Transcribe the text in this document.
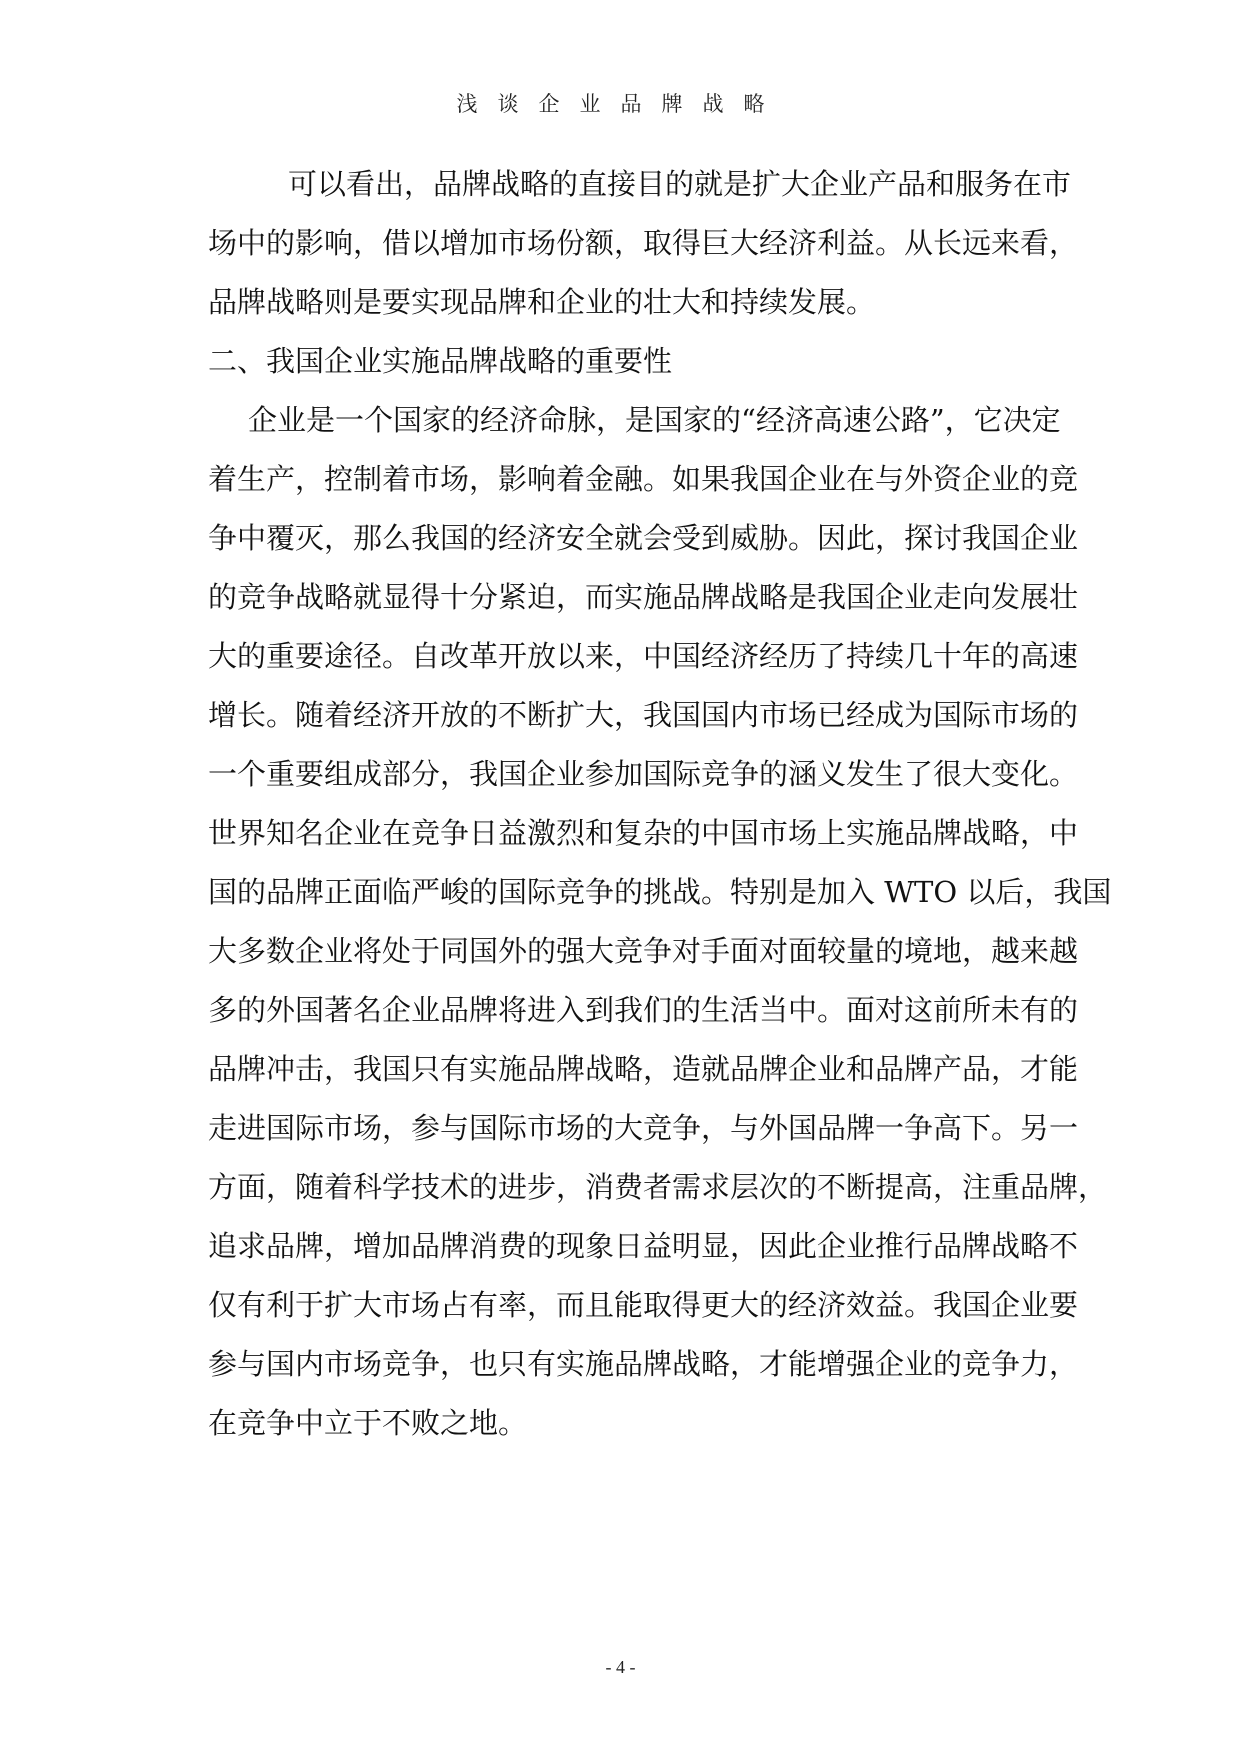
浅谈企业品牌战略
可以看出，品牌战略的直接目的就是扩大企业产品和服务在市
场中的影响，借以增加市场份额，取得巨大经济利益。从长远来看，
品牌战略则是要实现品牌和企业的壮大和持续发展。
二、我国企业实施品牌战略的重要性
企业是一个国家的经济命脉，是国家的“经济高速公路”，它决定
着生产，控制着市场，影响着金融。如果我国企业在与外资企业的竞
争中覆灭，那么我国的经济安全就会受到威胁。因此，探讨我国企业
的竞争战略就显得十分紧迫，而实施品牌战略是我国企业走向发展壮
大的重要途径。自改革开放以来，中国经济经历了持续几十年的高速
增长。随着经济开放的不断扩大，我国国内市场已经成为国际市场的
一个重要组成部分，我国企业参加国际竞争的涵义发生了很大变化。
世界知名企业在竞争日益激烈和复杂的中国市场上实施品牌战略，中
国的品牌正面临严峻的国际竞争的挑战。特别是加入 WTO 以后，我国
大多数企业将处于同国外的强大竞争对手面对面较量的境地，越来越
多的外国著名企业品牌将进入到我们的生活当中。面对这前所未有的
品牌冲击，我国只有实施品牌战略，造就品牌企业和品牌产品，才能
走进国际市场，参与国际市场的大竞争，与外国品牌一争高下。另一
方面，随着科学技术的进步，消费者需求层次的不断提高，注重品牌，
追求品牌，增加品牌消费的现象日益明显，因此企业推行品牌战略不
仅有利于扩大市场占有率，而且能取得更大的经济效益。我国企业要
参与国内市场竞争，也只有实施品牌战略，才能增强企业的竞争力，
在竞争中立于不败之地。
- 4 -
